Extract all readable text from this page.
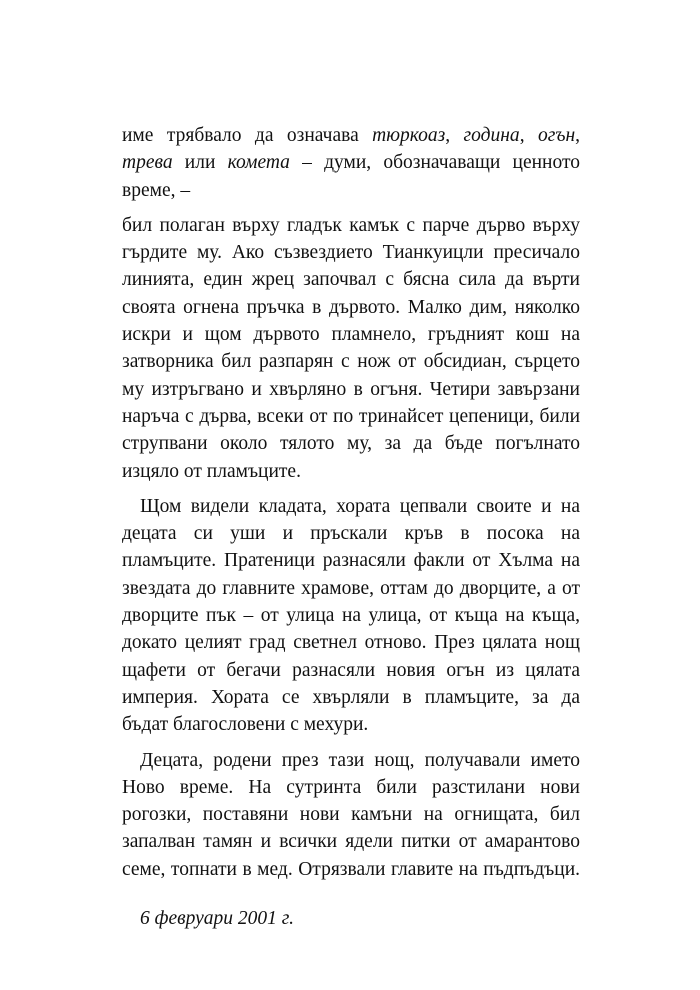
име трябвало да означава тюркоаз, година, огън,
трева или комета – думи, обозначаващи ценното
време, –
бил полаган върху гладък камък с парче дърво върху
гърдите му. Ако съзвездието Тианкуицли пресичало
линията, един жрец започвал с бясна сила да върти
своята огнена пръчка в дървото. Малко дим, няколко
искри и щом дървото пламнело, гръдният кош на
затворника бил разпарян с нож от обсидиан, сърцето
му изтръгвано и хвърляно в огъня. Четири завързани
наръча с дърва, всеки от по тринайсет цепеници, били
струпвани около тялото му, за да бъде погълнато
изцяло от пламъците.
Щом видели кладата, хората цепвали своите и на
децата си уши и пръскали кръв в посока на
пламъците. Пратеници разнасяли факли от Хълма на
звездата до главните храмове, оттам до дворците, а от
дворците пък – от улица на улица, от къща на къща,
докато целият град светнел отново. През цялата нощ
щафети от бегачи разнасяли новия огън из цялата
империя. Хората се хвърляли в пламъците, за да
бъдат благословени с мехури.
Децата, родени през тази нощ, получавали името
Ново време. На сутринта били разстилани нови
рогозки, поставяни нови камъни на огнищата, бил
запалван тамян и всички ядели питки от амарантово
семе, топнати в мед. Отрязвали главите на пъдпъдъци.
6 февруари 2001 г.
